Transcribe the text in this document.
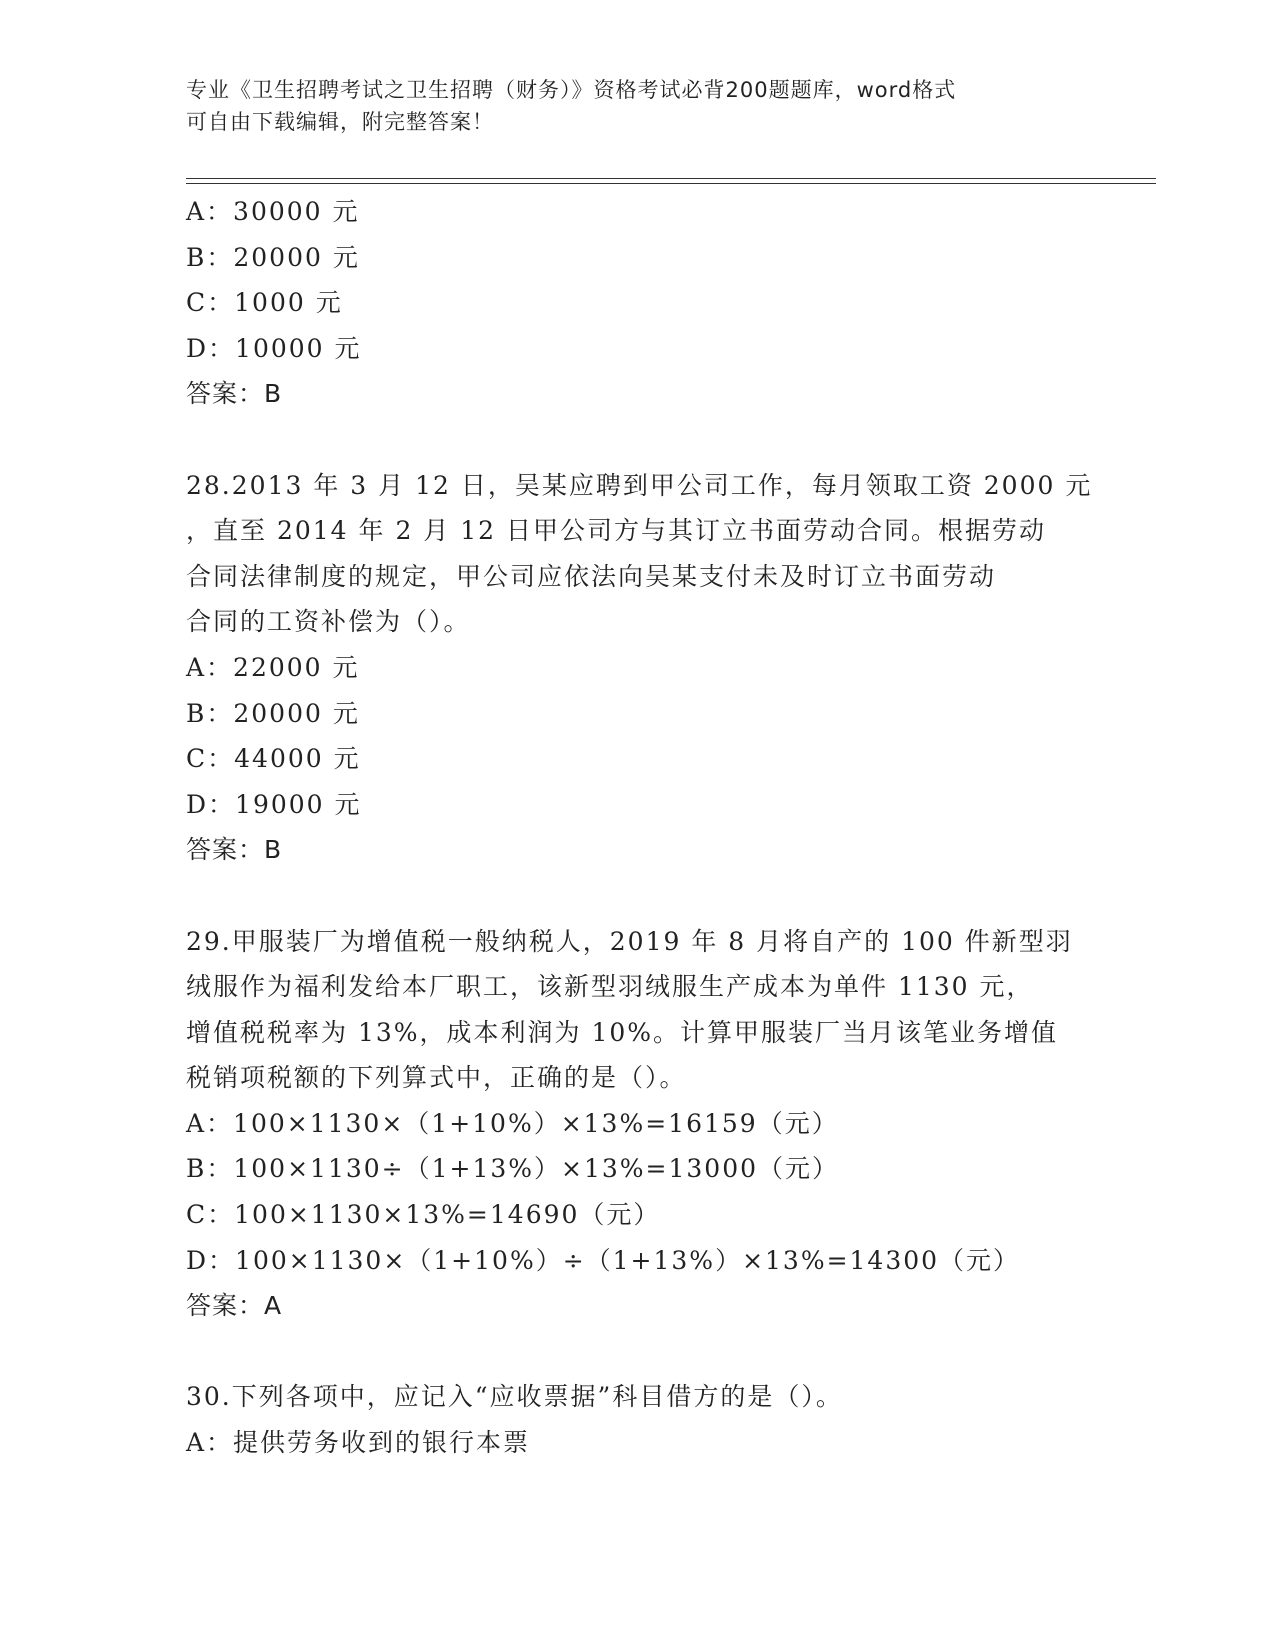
专业《卫生招聘考试之卫生招聘（财务）》资格考试必背200题题库，word格式
可自由下载编辑，附完整答案！
A：30000 元
B：20000 元
C：1000 元
D：10000 元
答案：B
28.2013 年 3 月 12 日，吴某应聘到甲公司工作，每月领取工资 2000 元
，直至 2014 年 2 月 12 日甲公司方与其订立书面劳动合同。根据劳动
合同法律制度的规定，甲公司应依法向吴某支付未及时订立书面劳动
合同的工资补偿为（）。
A：22000 元
B：20000 元
C：44000 元
D：19000 元
答案：B
29.甲服装厂为增值税一般纳税人，2019 年 8 月将自产的 100 件新型羽
绒服作为福利发给本厂职工，该新型羽绒服生产成本为单件 1130 元，
增值税税率为 13%，成本利润为 10%。计算甲服装厂当月该笔业务增值
税销项税额的下列算式中，正确的是（）。
A：100×1130×（1+10%）×13%=16159（元）
B：100×1130÷（1+13%）×13%=13000（元）
C：100×1130×13%=14690（元）
D：100×1130×（1+10%）÷（1+13%）×13%=14300（元）
答案：A
30.下列各项中，应记入“应收票据”科目借方的是（）。
A：提供劳务收到的银行本票
